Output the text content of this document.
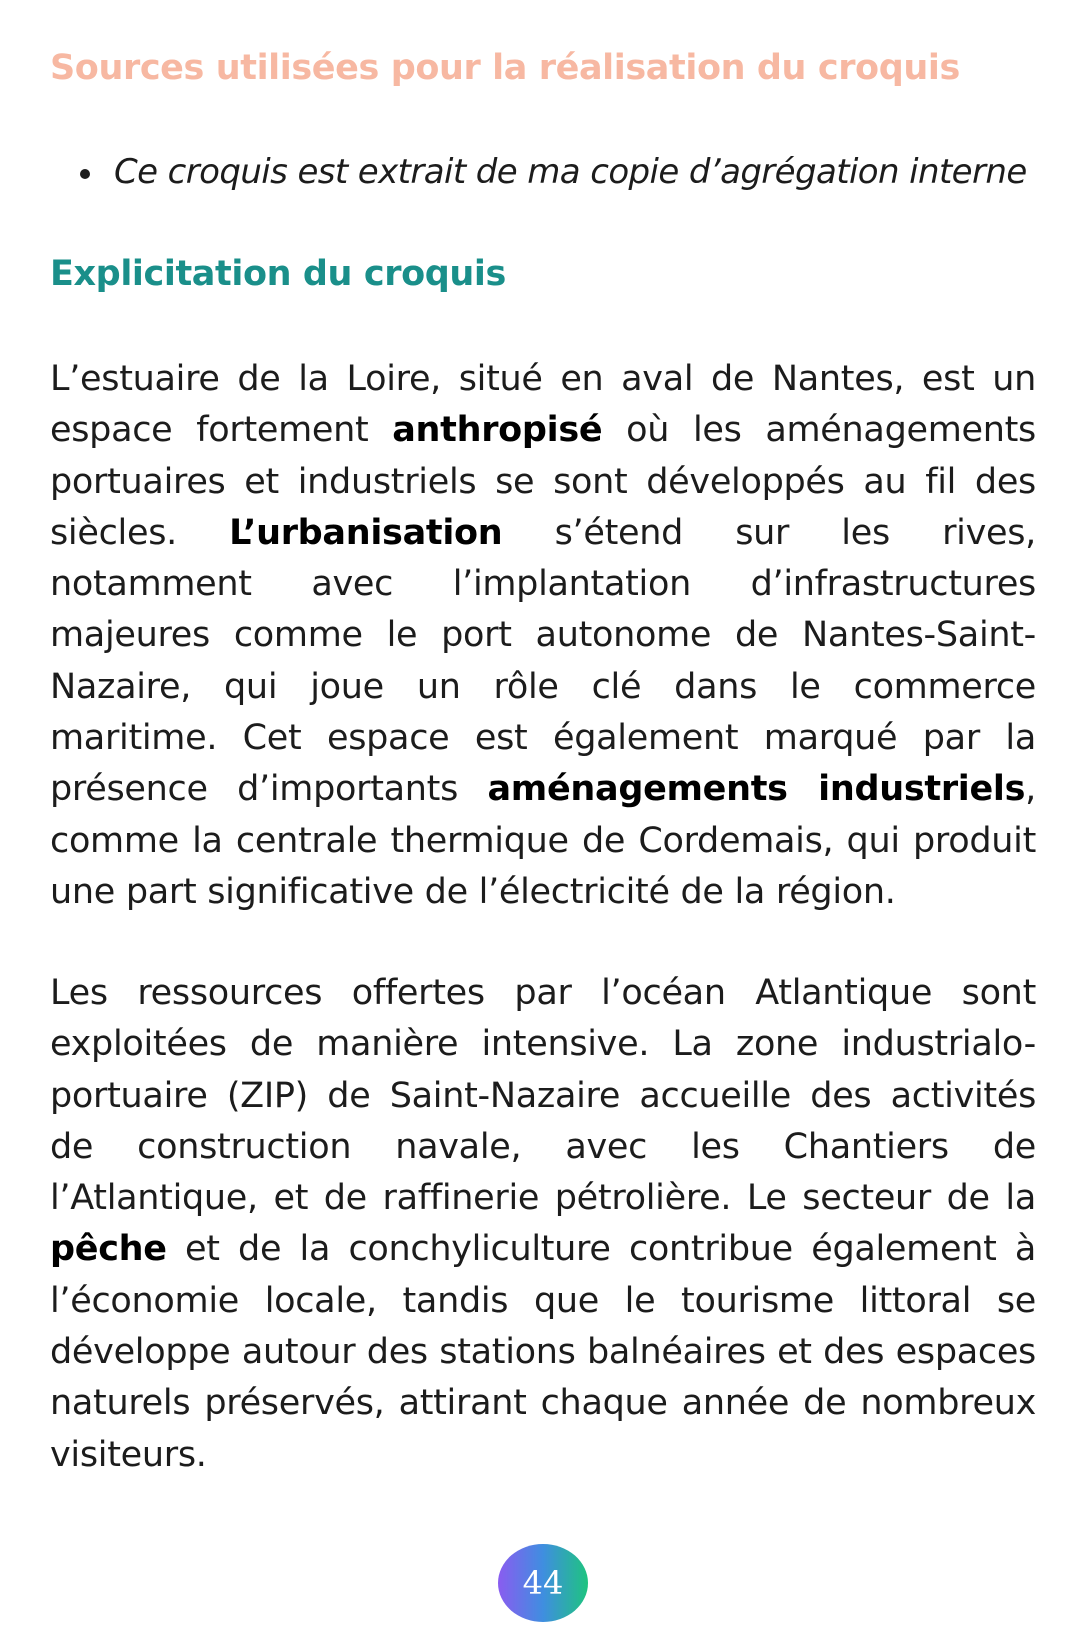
Sources utilisées pour la réalisation du croquis
Ce croquis est extrait de ma copie d’agrégation interne
Explicitation du croquis

L’estuaire de la Loire, situé en aval de Nantes, est un espace fortement anthropisé où les aménagements portuaires et industriels se sont développés au fil des siècles. L’urbanisation s’étend sur les rives, notamment avec l’implantation d’infrastructures majeures comme le port autonome de Nantes-Saint-Nazaire, qui joue un rôle clé dans le commerce maritime. Cet espace est également marqué par la présence d’importants aménagements industriels, comme la centrale thermique de Cordemais, qui produit une part significative de l’électricité de la région.

Les ressources offertes par l’océan Atlantique sont exploitées de manière intensive. La zone industrialo-portuaire (ZIP) de Saint-Nazaire accueille des activités de construction navale, avec les Chantiers de l’Atlantique, et de raffinerie pétrolière. Le secteur de la pêche et de la conchyliculture contribue également à l’économie locale, tandis que le tourisme littoral se développe autour des stations balnéaires et des espaces naturels préservés, attirant chaque année de nombreux visiteurs.

44
